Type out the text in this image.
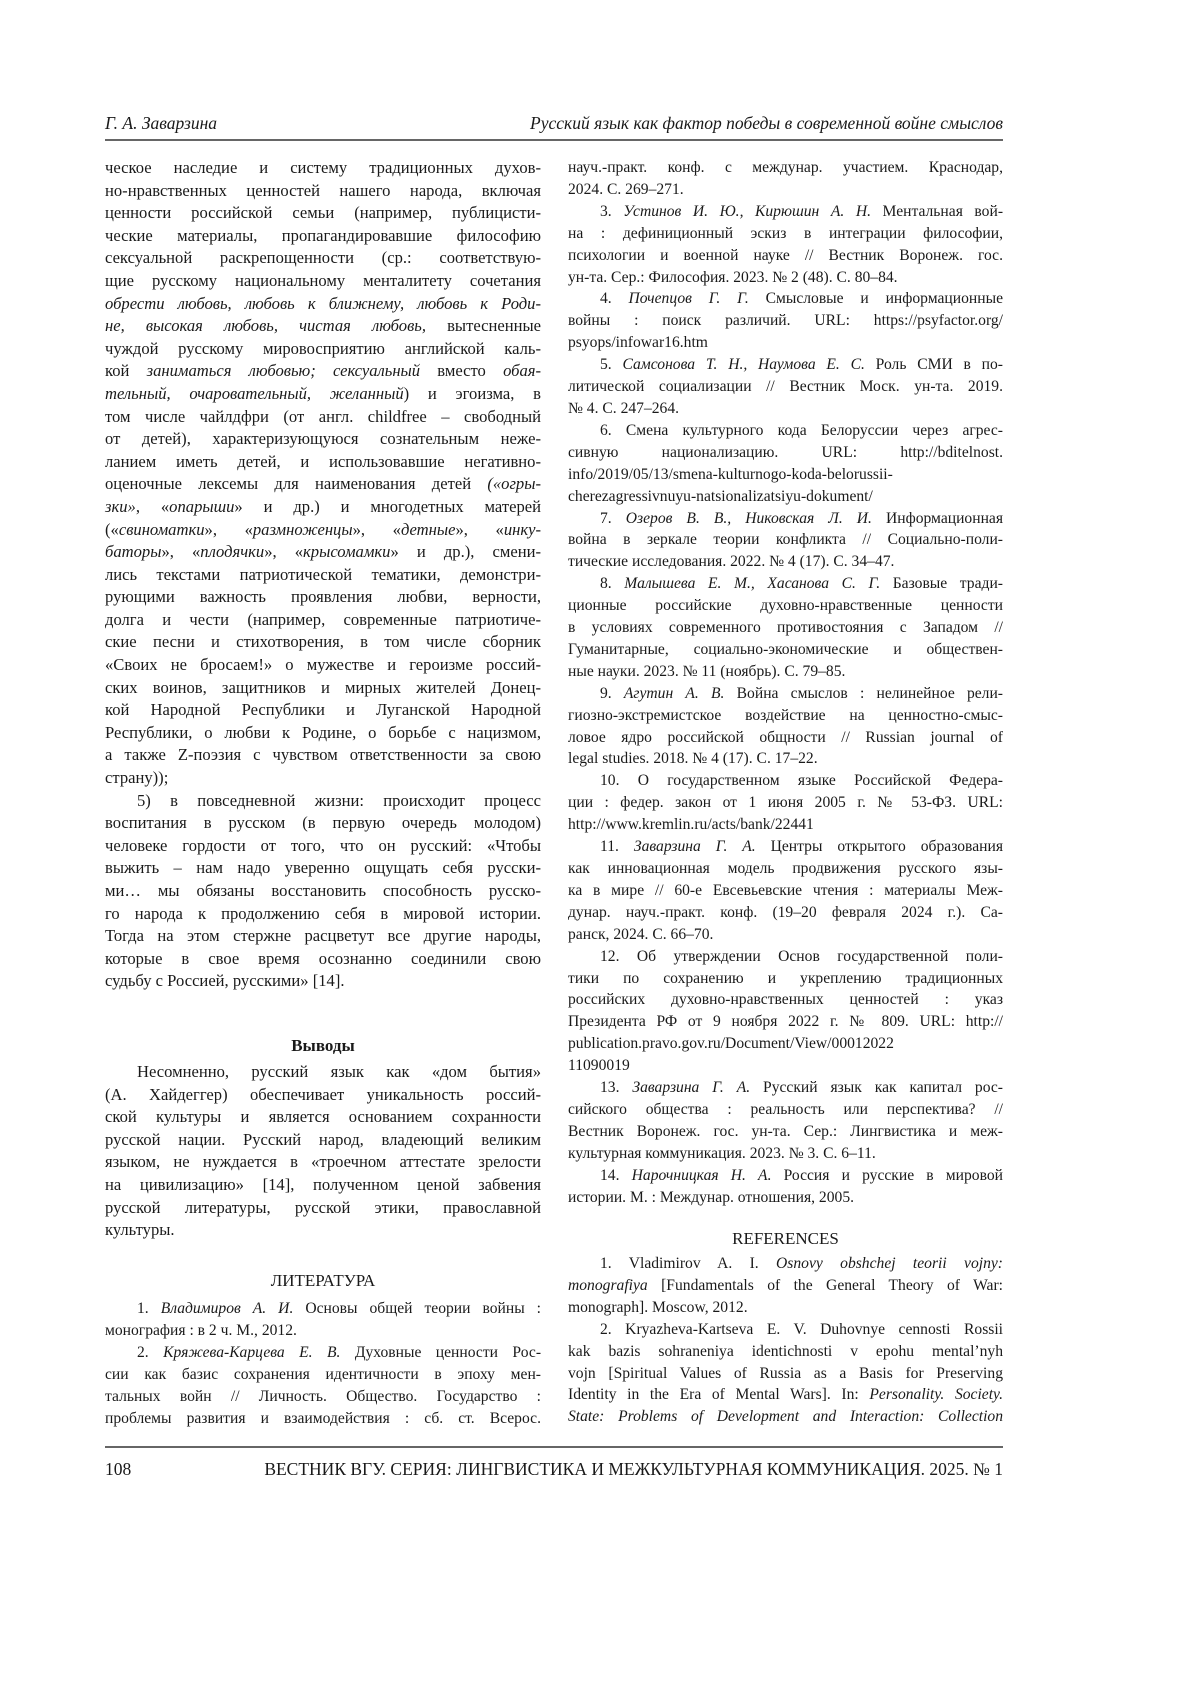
Г. А. Заварзина	Русский язык как фактор победы в современной войне смыслов
ческое наследие и систему традиционных духов-
но-нравственных ценностей нашего народа, включая
ценности российской семьи (например, публицисти-
ческие материалы, пропагандировавшие философию
сексуальной раскрепощенности (ср.: соответствую-
щие русскому национальному менталитету сочетания
обрести любовь, любовь к ближнему, любовь к Роди-
не, высокая любовь, чистая любовь, вытесненные
чуждой русскому мировосприятию английской каль-
кой заниматься любовью; сексуальный вместо обая-
тельный, очаровательный, желанный) и эгоизма, в
том числе чайлдфри (от англ. childfree – свободный
от детей), характеризующуюся сознательным неже-
ланием иметь детей, и использовавшие негативно-
оценочные лексемы для наименования детей («огры-
зки», «опарыши» и др.) и многодетных матерей
(«свиноматки», «размноженцы», «детные», «инку-
баторы», «плодячки», «крысомамки» и др.), смени-
лись текстами патриотической тематики, демонстри-
рующими важность проявления любви, верности,
долга и чести (например, современные патриотиче-
ские песни и стихотворения, в том числе сборник
«Своих не бросаем!» о мужестве и героизме россий-
ских воинов, защитников и мирных жителей Донец-
кой Народной Республики и Луганской Народной
Республики, о любви к Родине, о борьбе с нацизмом,
а также Z-поэзия с чувством ответственности за свою
страну));
5) в повседневной жизни: происходит процесс
воспитания в русском (в первую очередь молодом)
человеке гордости от того, что он русский: «Чтобы
выжить – нам надо уверенно ощущать себя русски-
ми… мы обязаны восстановить способность русско-
го народа к продолжению себя в мировой истории.
Тогда на этом стержне расцветут все другие народы,
которые в свое время осознанно соединили свою
судьбу с Россией, русскими» [14].
Выводы
Несомненно, русский язык как «дом бытия»
(А. Хайдеггер) обеспечивает уникальность россий-
ской культуры и является основанием сохранности
русской нации. Русский народ, владеющий великим
языком, не нуждается в «троечном аттестате зрелости
на цивилизацию» [14], полученном ценой забвения
русской литературы, русской этики, православной
культуры.
ЛИТЕРАТУРА
1. Владимиров А. И. Основы общей теории войны :
монография : в 2 ч. М., 2012.
2. Кряжева-Карцева Е. В. Духовные ценности Рос-
сии как базис сохранения идентичности в эпоху мен-
тальных войн // Личность. Общество. Государство :
проблемы развития и взаимодействия : сб. ст. Всерос.
науч.-практ. конф. с междунар. участием. Краснодар,
2024. С. 269–271.
3. Устинов И. Ю., Кирюшин А. Н. Ментальная вой-
на : дефиниционный эскиз в интеграции философии,
психологии и военной науке // Вестник Воронеж. гос.
ун-та. Сер.: Философия. 2023. № 2 (48). С. 80–84.
4. Почепцов Г. Г. Смысловые и информационные
войны : поиск различий. URL: https://psyfactor.org/
psyops/infowar16.htm
5. Самсонова Т. Н., Наумова Е. С. Роль СМИ в по-
литической социализации // Вестник Моск. ун-та. 2019.
№ 4. С. 247–264.
6. Смена культурного кода Белоруссии через агрес-
сивную национализацию. URL: http://bditelnost.
info/2019/05/13/smena-kulturnogo-koda-belorussii-
cherezagressivnuyu-natsionalizatsiyu-dokument/
7. Озеров В. В., Никовская Л. И. Информационная
война в зеркале теории конфликта // Социально-поли-
тические исследования. 2022. № 4 (17). С. 34–47.
8. Малышева Е. М., Хасанова С. Г. Базовые тради-
ционные российские духовно-нравственные ценности
в условиях современного противостояния с Западом //
Гуманитарные, социально-экономические и обществен-
ные науки. 2023. № 11 (ноябрь). С. 79–85.
9. Агутин А. В. Война смыслов : нелинейное рели-
гиозно-экстремистское воздействие на ценностно-смыс-
ловое ядро российской общности // Russian journal of
legal studies. 2018. № 4 (17). С. 17–22.
10. О государственном языке Российской Федера-
ции : федер. закон от 1 июня 2005 г. № 53-ФЗ. URL:
http://www.kremlin.ru/acts/bank/22441
11. Заварзина Г. А. Центры открытого образования
как инновационная модель продвижения русского язы-
ка в мире // 60-е Евсевьевские чтения : материалы Меж-
дунар. науч.-практ. конф. (19–20 февраля 2024 г.). Са-
ранск, 2024. С. 66–70.
12. Об утверждении Основ государственной поли-
тики по сохранению и укреплению традиционных
российских духовно-нравственных ценностей : указ
Президента РФ от 9 ноября 2022 г. № 809. URL: http://
publication.pravo.gov.ru/Document/View/00012022
11090019
13. Заварзина Г. А. Русский язык как капитал рос-
сийского общества : реальность или перспектива? //
Вестник Воронеж. гос. ун-та. Сер.: Лингвистика и меж-
культурная коммуникация. 2023. № 3. С. 6–11.
14. Нарочницкая Н. А. Россия и русские в мировой
истории. М. : Междунар. отношения, 2005.
REFERENCES
1. Vladimirov A. I. Osnovy obshchej teorii vojny:
monografiya [Fundamentals of the General Theory of War:
monograph]. Moscow, 2012.
2. Kryazheva-Kartseva E. V. Duhovnye cennosti Rossii
kak bazis sohraneniya identichnosti v epohu mental’nyh
vojn [Spiritual Values of Russia as a Basis for Preserving
Identity in the Era of Mental Wars]. In: Personality. Society.
State: Problems of Development and Interaction: Collection
108	ВЕСТНИК ВГУ. СЕРИЯ: ЛИНГВИСТИКА И МЕЖКУЛЬТУРНАЯ КОММУНИКАЦИЯ. 2025. № 1
